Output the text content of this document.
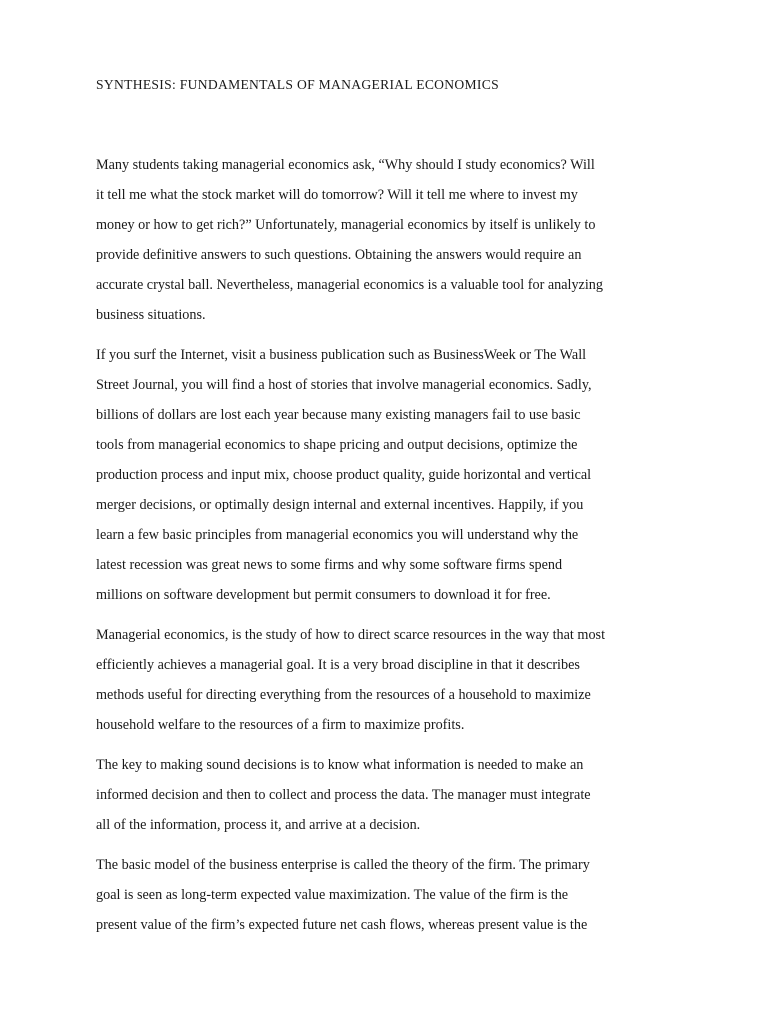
SYNTHESIS: FUNDAMENTALS OF MANAGERIAL ECONOMICS

Many students taking managerial economics ask, “Why should I study economics? Will
it tell me what the stock market will do tomorrow? Will it tell me where to invest my
money or how to get rich?” Unfortunately, managerial economics by itself is unlikely to
provide definitive answers to such questions. Obtaining the answers would require an
accurate crystal ball. Nevertheless, managerial economics is a valuable tool for analyzing
business situations.

If you surf the Internet, visit a business publication such as BusinessWeek or The Wall
Street Journal, you will find a host of stories that involve managerial economics. Sadly,
billions of dollars are lost each year because many existing managers fail to use basic
tools from managerial economics to shape pricing and output decisions, optimize the
production process and input mix, choose product quality, guide horizontal and vertical
merger decisions, or optimally design internal and external incentives. Happily, if you
learn a few basic principles from managerial economics you will understand why the
latest recession was great news to some firms and why some software firms spend
millions on software development but permit consumers to download it for free.

Managerial economics, is the study of how to direct scarce resources in the way that most
efficiently achieves a managerial goal. It is a very broad discipline in that it describes
methods useful for directing everything from the resources of a household to maximize
household welfare to the resources of a firm to maximize profits.

The key to making sound decisions is to know what information is needed to make an
informed decision and then to collect and process the data. The manager must integrate
all of the information, process it, and arrive at a decision.

The basic model of the business enterprise is called the theory of the firm. The primary
goal is seen as long-term expected value maximization. The value of the firm is the
present value of the firm’s expected future net cash flows, whereas present value is the
